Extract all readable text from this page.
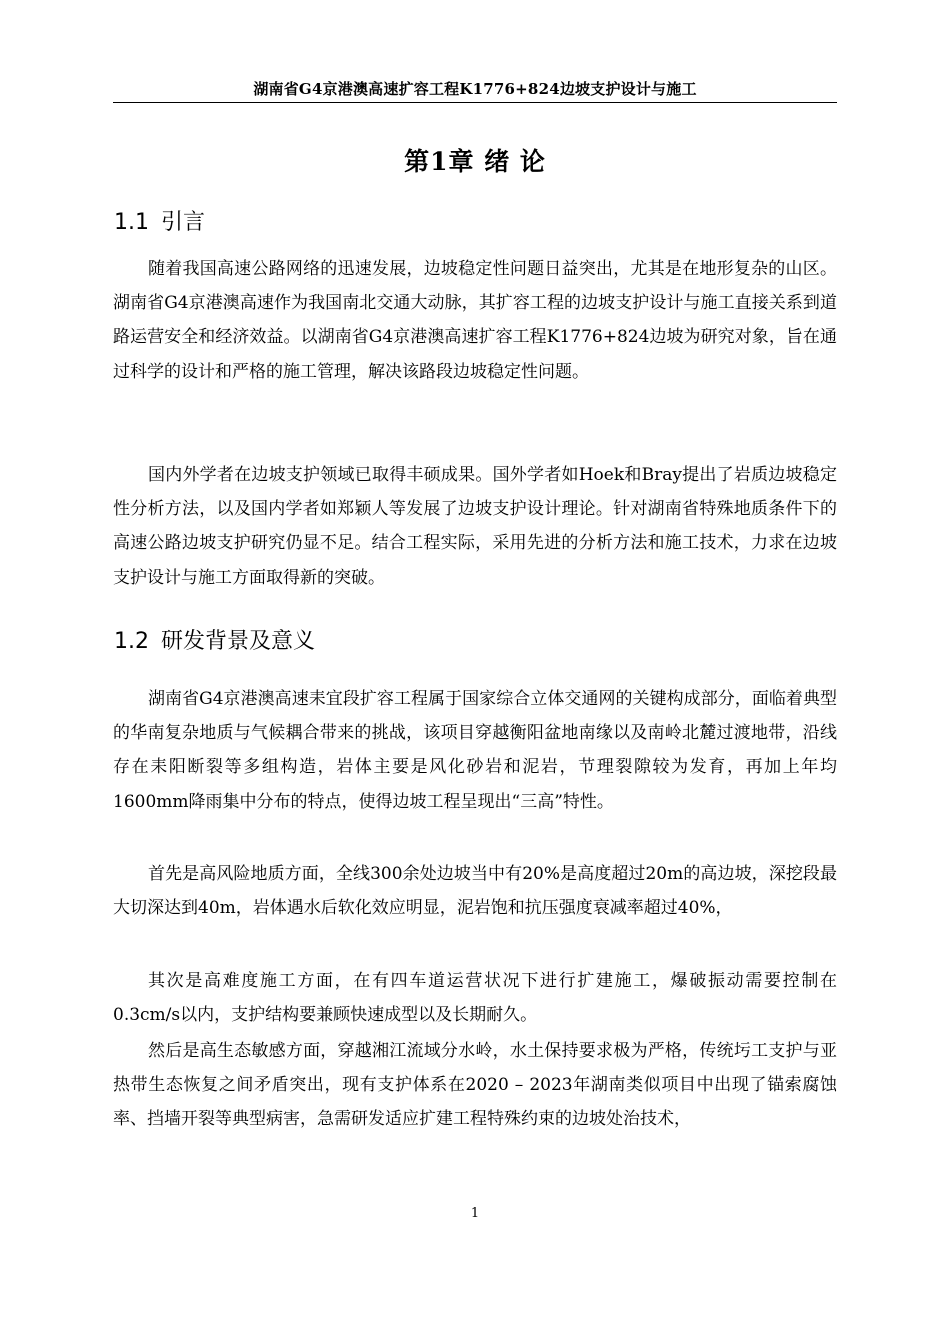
湖南省G4京港澳高速扩容工程K1776+824边坡支护设计与施工
第1章 绪 论
1.1 引言

随着我国高速公路网络的迅速发展，边坡稳定性问题日益突出，尤其是在地形复杂的山区。湖南省G4京港澳高速作为我国南北交通大动脉，其扩容工程的边坡支护设计与施工直接关系到道路运营安全和经济效益。以湖南省G4京港澳高速扩容工程K1776+824边坡为研究对象，旨在通过科学的设计和严格的施工管理，解决该路段边坡稳定性问题。

国内外学者在边坡支护领域已取得丰硕成果。国外学者如Hoek和Bray提出了岩质边坡稳定性分析方法，以及国内学者如郑颖人等发展了边坡支护设计理论。针对湖南省特殊地质条件下的高速公路边坡支护研究仍显不足。结合工程实际，采用先进的分析方法和施工技术，力求在边坡支护设计与施工方面取得新的突破。

1.2 研发背景及意义

湖南省G4京港澳高速耒宜段扩容工程属于国家综合立体交通网的关键构成部分，面临着典型的华南复杂地质与气候耦合带来的挑战，该项目穿越衡阳盆地南缘以及南岭北麓过渡地带，沿线存在耒阳断裂等多组构造，岩体主要是风化砂岩和泥岩，节理裂隙较为发育，再加上年均1600mm降雨集中分布的特点，使得边坡工程呈现出“三高”特性。

首先是高风险地质方面，全线300余处边坡当中有20%是高度超过20m的高边坡，深挖段最大切深达到40m，岩体遇水后软化效应明显，泥岩饱和抗压强度衰减率超过40%，

其次是高难度施工方面，在有四车道运营状况下进行扩建施工，爆破振动需要控制在0.3cm/s以内，支护结构要兼顾快速成型以及长期耐久。

然后是高生态敏感方面，穿越湘江流域分水岭，水土保持要求极为严格，传统圬工支护与亚热带生态恢复之间矛盾突出，现有支护体系在2020 – 2023年湖南类似项目中出现了锚索腐蚀率、挡墙开裂等典型病害，急需研发适应扩建工程特殊约束的边坡处治技术，

1
